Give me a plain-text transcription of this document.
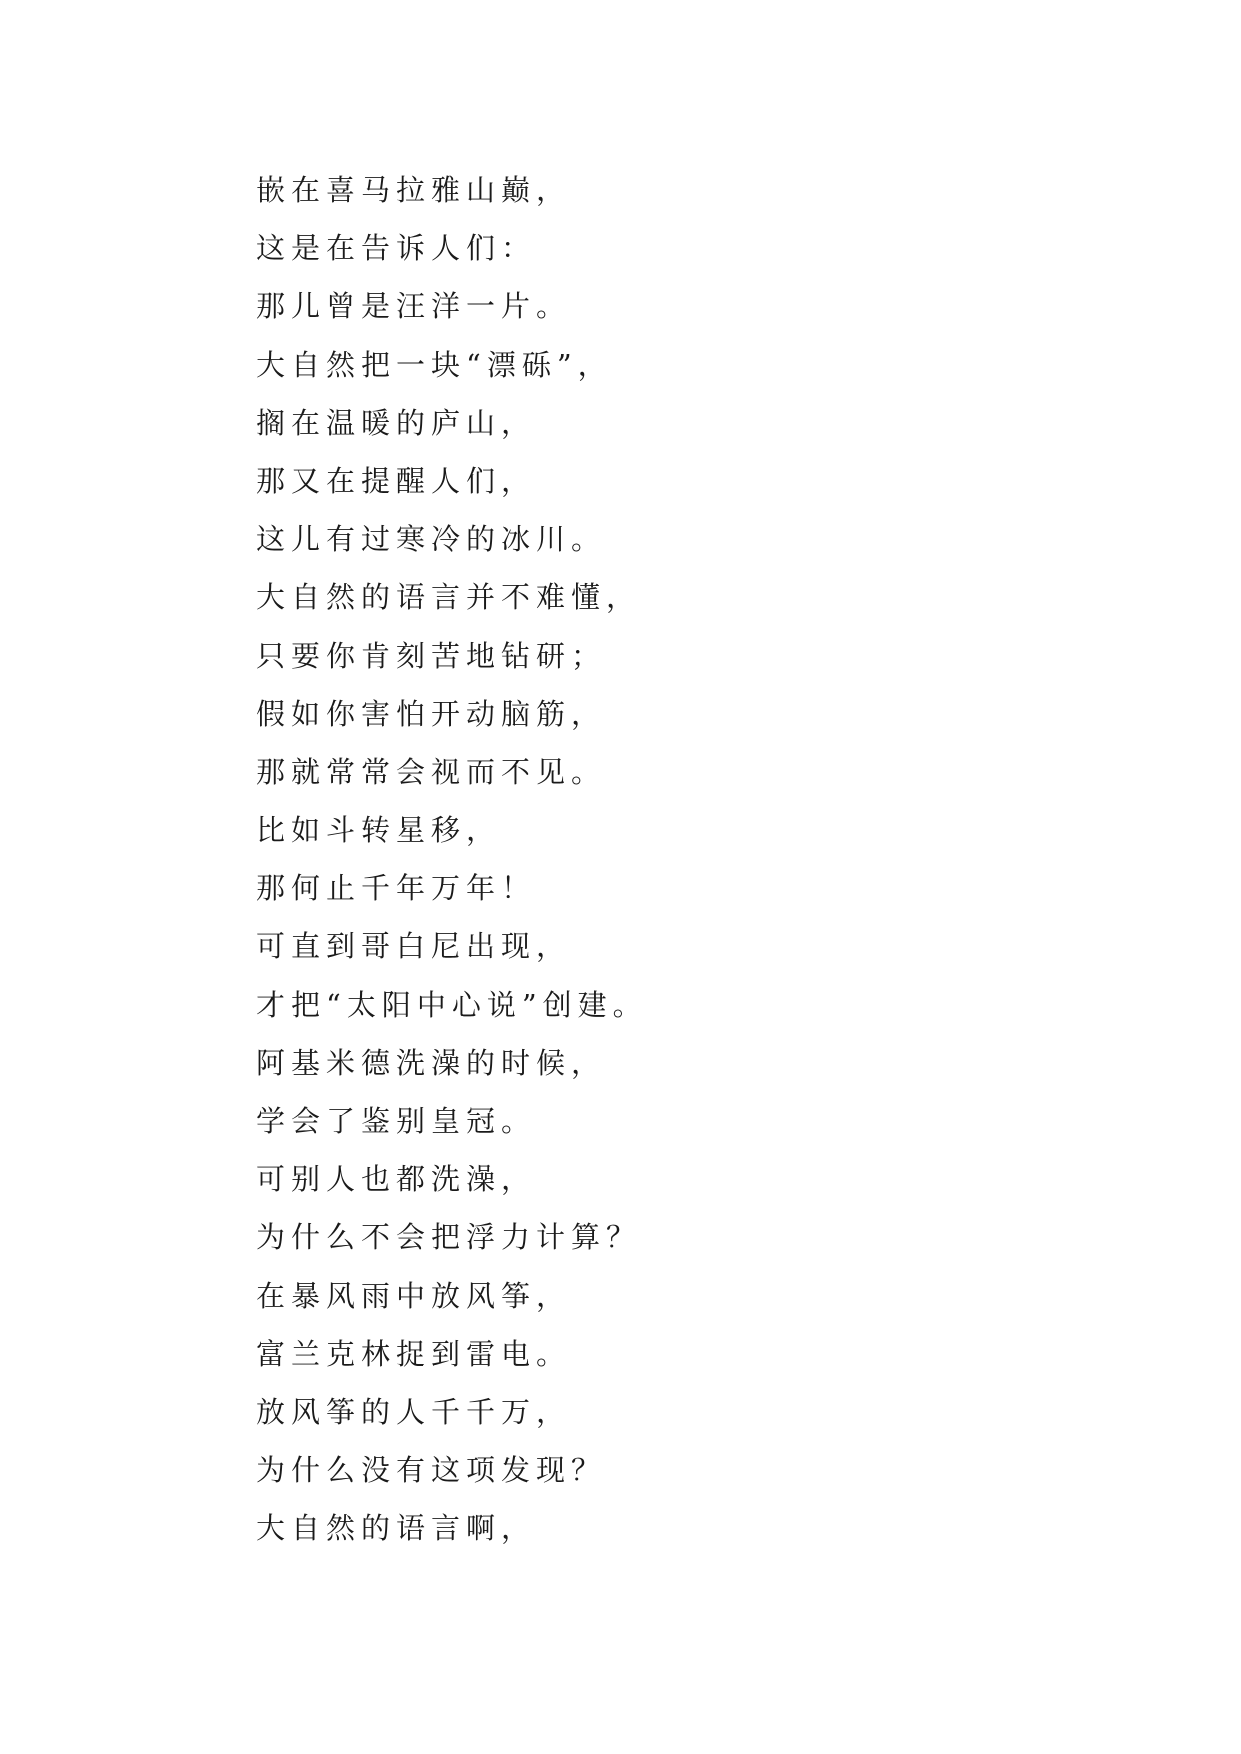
嵌在喜马拉雅山巅，
这是在告诉人们：
那儿曾是汪洋一片。
大自然把一块“漂砾”，
搁在温暖的庐山，
那又在提醒人们，
这儿有过寒冷的冰川。
大自然的语言并不难懂，
只要你肯刻苦地钻研；
假如你害怕开动脑筋，
那就常常会视而不见。
比如斗转星移，
那何止千年万年！
可直到哥白尼出现，
才把“太阳中心说”创建。
阿基米德洗澡的时候，
学会了鉴别皇冠。
可别人也都洗澡，
为什么不会把浮力计算？
在暴风雨中放风筝，
富兰克林捉到雷电。
放风筝的人千千万，
为什么没有这项发现？
大自然的语言啊，
